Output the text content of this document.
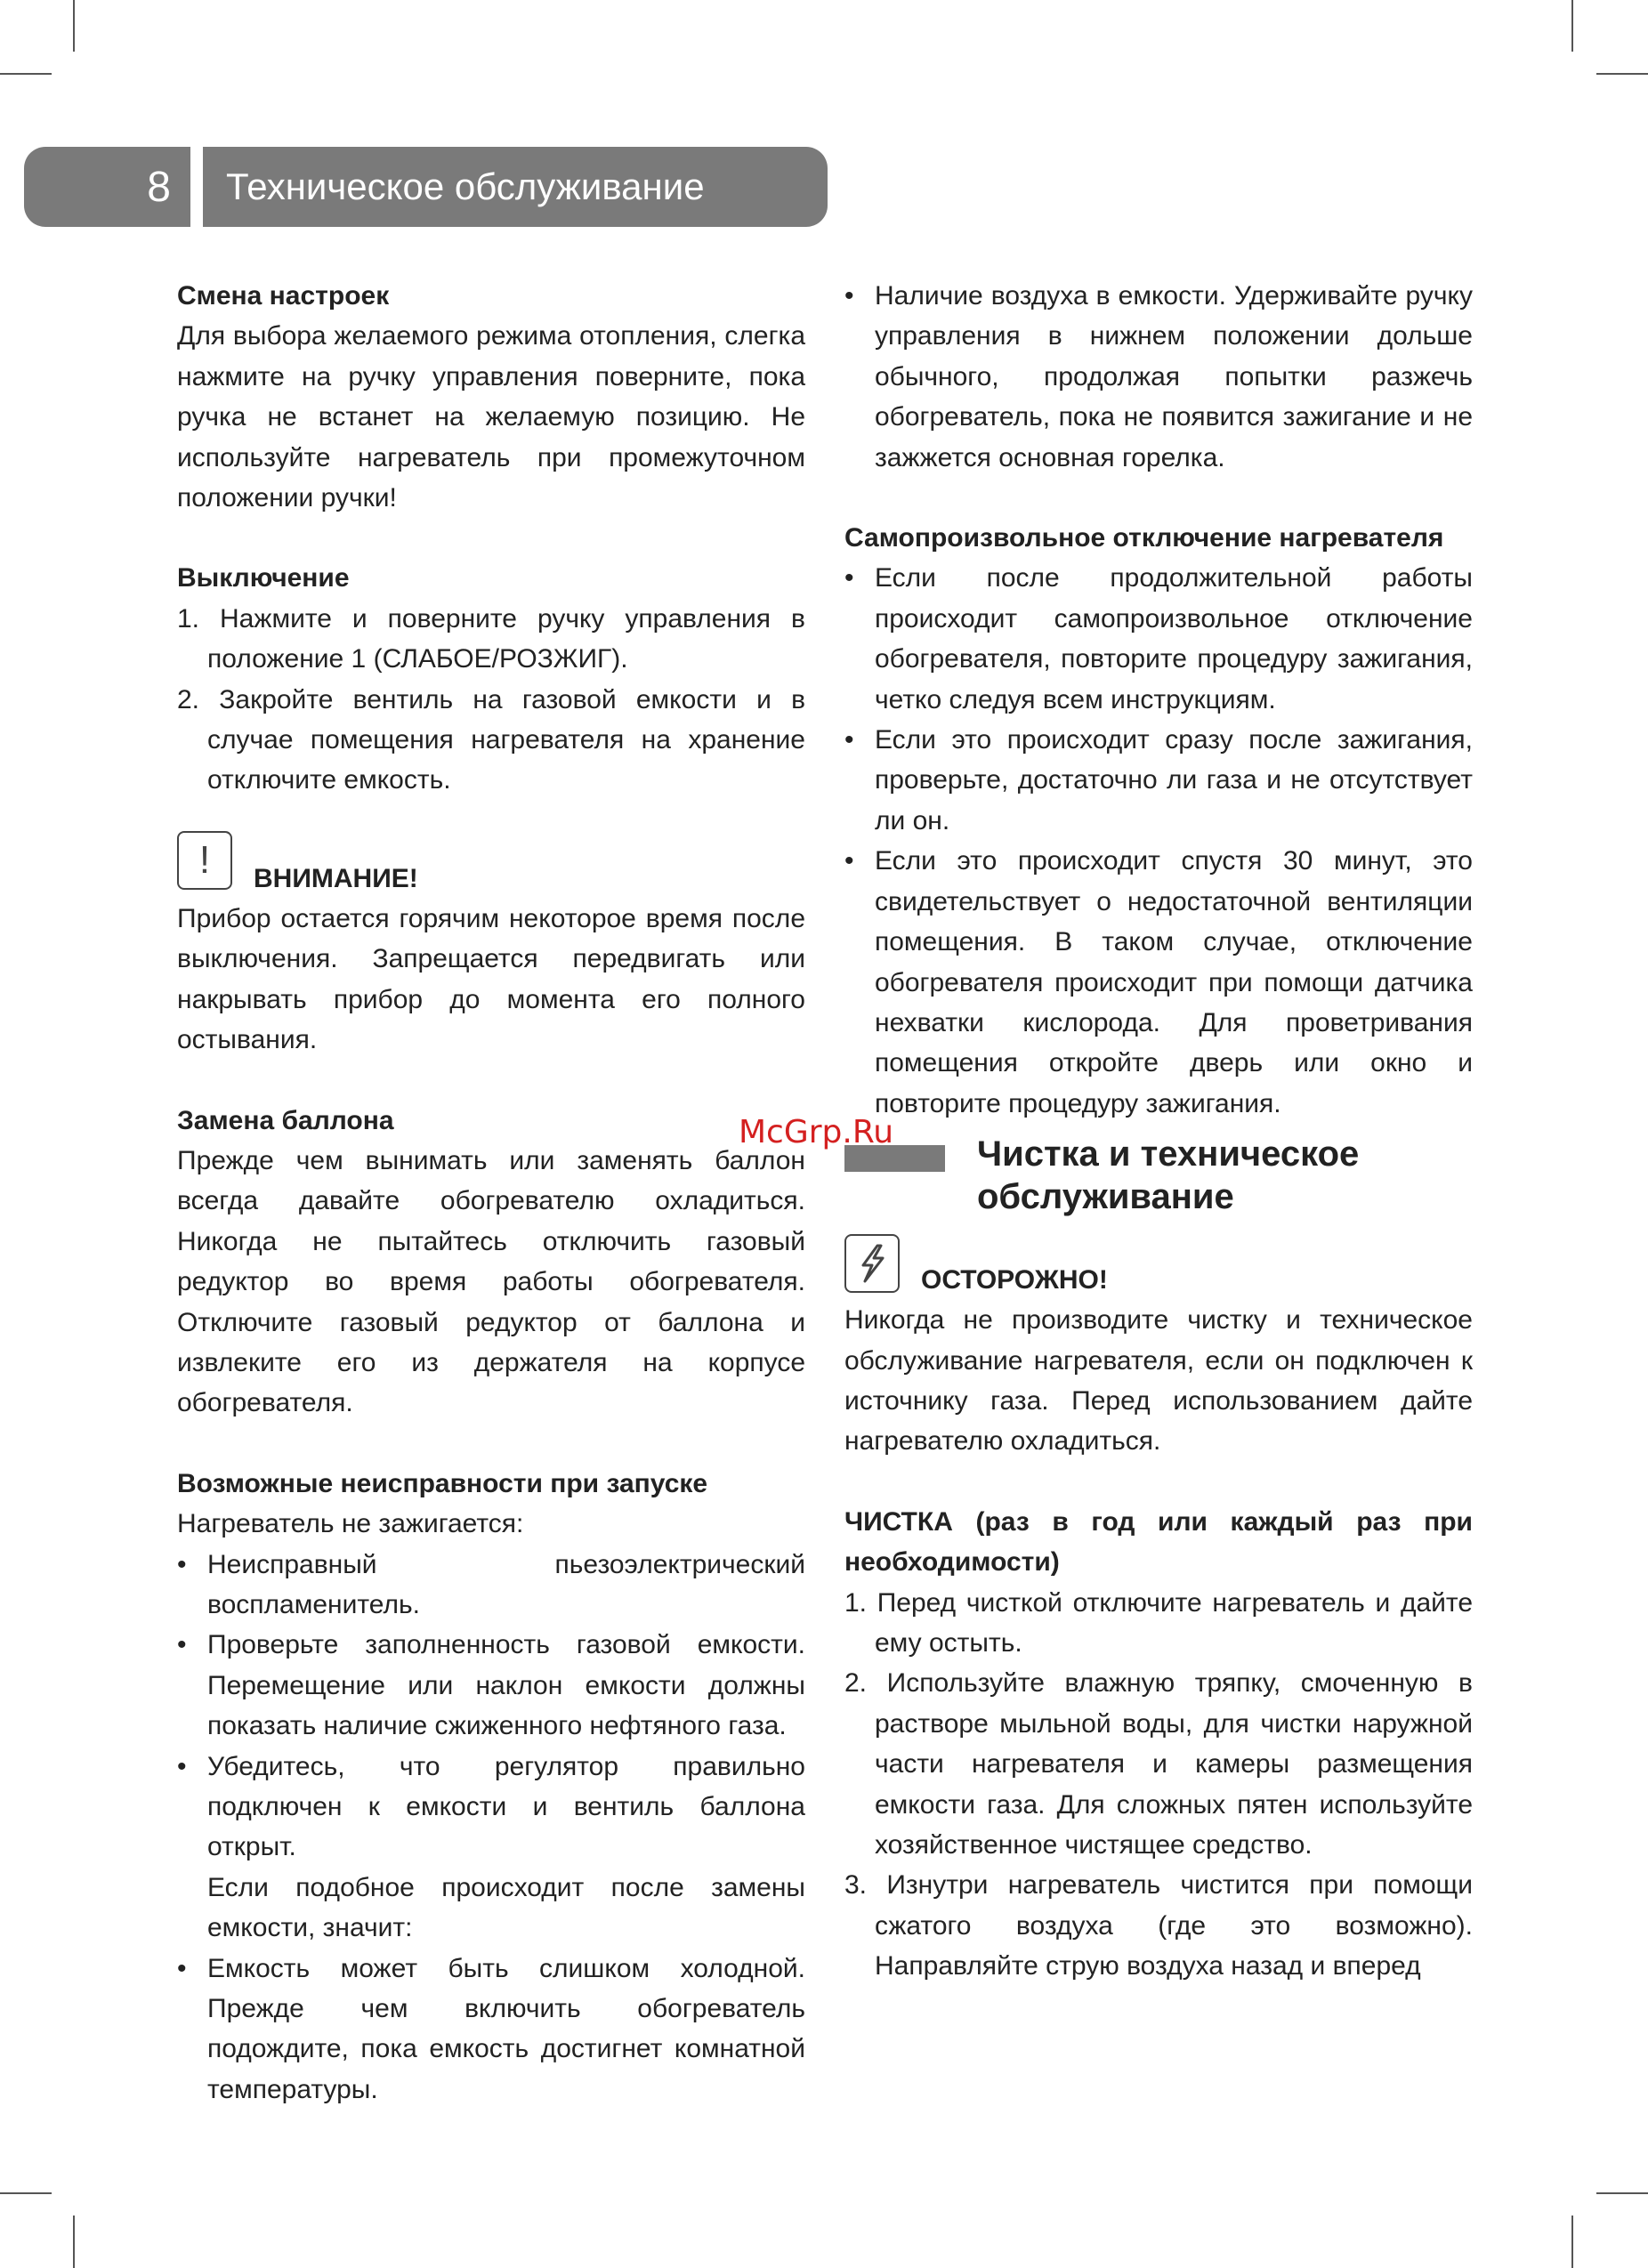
8	Техническое обслуживание

Смена настроек

Для выбора желаемого режима отопления, слегка нажмите на ручку управления поверните, пока ручка не встанет на желаемую позицию. Не используйте нагреватель при промежуточном положении ручки!

Выключение

1. Нажмите и поверните ручку управления в положение 1 (СЛАБОЕ/РОЗЖИГ).

2. Закройте вентиль на газовой емкости и в случае помещения нагревателя на хранение отключите емкость.

!	ВНИМАНИЕ!

Прибор остается горячим некоторое время после выключения. Запрещается передвигать или накрывать прибор до момента его полного остывания.

Замена баллона

Прежде чем вынимать или заменять баллон всегда давайте обогревателю охладиться. Никогда не пытайтесь отключить газовый редуктор во время работы обогревателя. Отключите газовый редуктор от баллона и извлеките его из держателя на корпусе обогревателя.

Возможные неисправности при запуске

Нагреватель не зажигается:

• Неисправный пьезоэлектрический воспламенитель.
• Проверьте заполненность газовой емкости. Перемещение или наклон емкости должны показать наличие сжиженного нефтяного газа.
• Убедитесь, что регулятор правильно подключен к емкости и вентиль баллона открыт.

Если подобное происходит после замены емкости, значит:

• Емкость может быть слишком холодной. Прежде чем включить обогреватель подождите, пока емкость достигнет комнатной температуры.
• Наличие воздуха в емкости. Удерживайте ручку управления в нижнем положении дольше обычного, продолжая попытки разжечь обогреватель, пока не появится зажигание и не зажжется основная горелка.

Самопроизвольное отключение нагревателя

• Если после продолжительной работы происходит самопроизвольное отключение обогревателя, повторите процедуру зажигания, четко следуя всем инструкциям.
• Если это происходит сразу после зажигания, проверьте, достаточно ли газа и не отсутствует ли он.
• Если это происходит спустя 30 минут, это свидетельствует о недостаточной вентиляции помещения. В таком случае, отключение обогревателя происходит при помощи датчика нехватки кислорода. Для проветривания помещения откройте дверь или окно и повторите процедуру зажигания.
Чистка и техническое
обслуживание
ОСТОРОЖНО!

Никогда не производите чистку и техническое обслуживание нагревателя, если он подключен к источнику газа. Перед использованием дайте нагревателю охладиться.

ЧИСТКА (раз в год или каждый раз при необходимости)

1. Перед чисткой отключите нагреватель и дайте ему остыть.

2. Используйте влажную тряпку, смоченную в растворе мыльной воды, для чистки наружной части нагревателя и камеры размещения емкости газа. Для сложных пятен используйте хозяйственное чистящее средство.

3. Изнутри нагреватель чистится при помощи сжатого воздуха (где это возможно). Направляйте струю воздуха назад и вперед

McGrp.Ru
